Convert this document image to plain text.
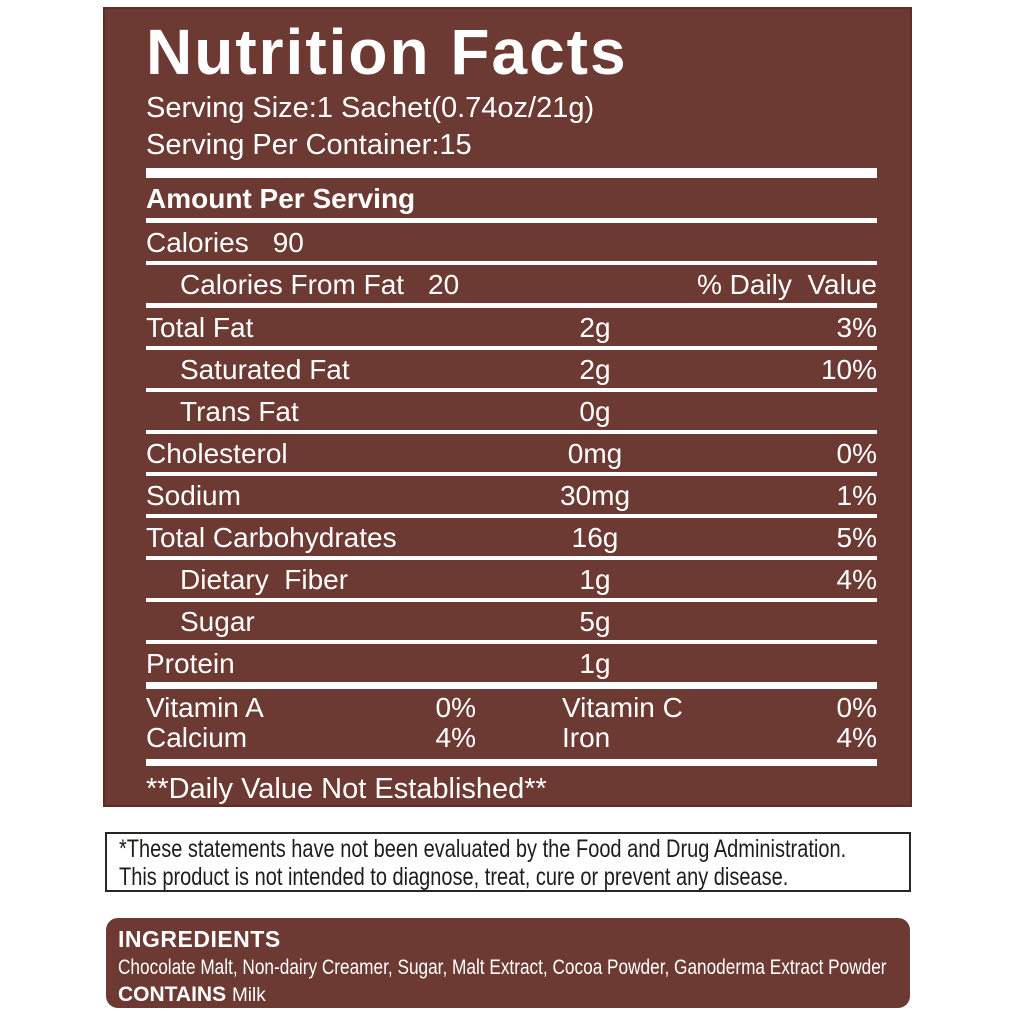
Nutrition Facts
Serving Size:1 Sachet(0.74oz/21g)
Serving Per Container:15
Amount Per Serving
Calories 90
Calories From Fat 20	% Daily  Value
Total Fat	2g	3%
Saturated Fat	2g	10%
Trans Fat	0g
Cholesterol	0mg	0%
Sodium	30mg	1%
Total Carbohydrates	16g	5%
Dietary  Fiber	1g	4%
Sugar	5g
Protein	1g
Vitamin A	0%	Vitamin C	0%
Calcium	4%	Iron	4%
**Daily Value Not Established**
*These statements have not been evaluated by the Food and Drug Administration.
This product is not intended to diagnose, treat, cure or prevent any disease.
INGREDIENTS
Chocolate Malt, Non-dairy Creamer, Sugar, Malt Extract, Cocoa Powder, Ganoderma Extract Powder
CONTAINS Milk
